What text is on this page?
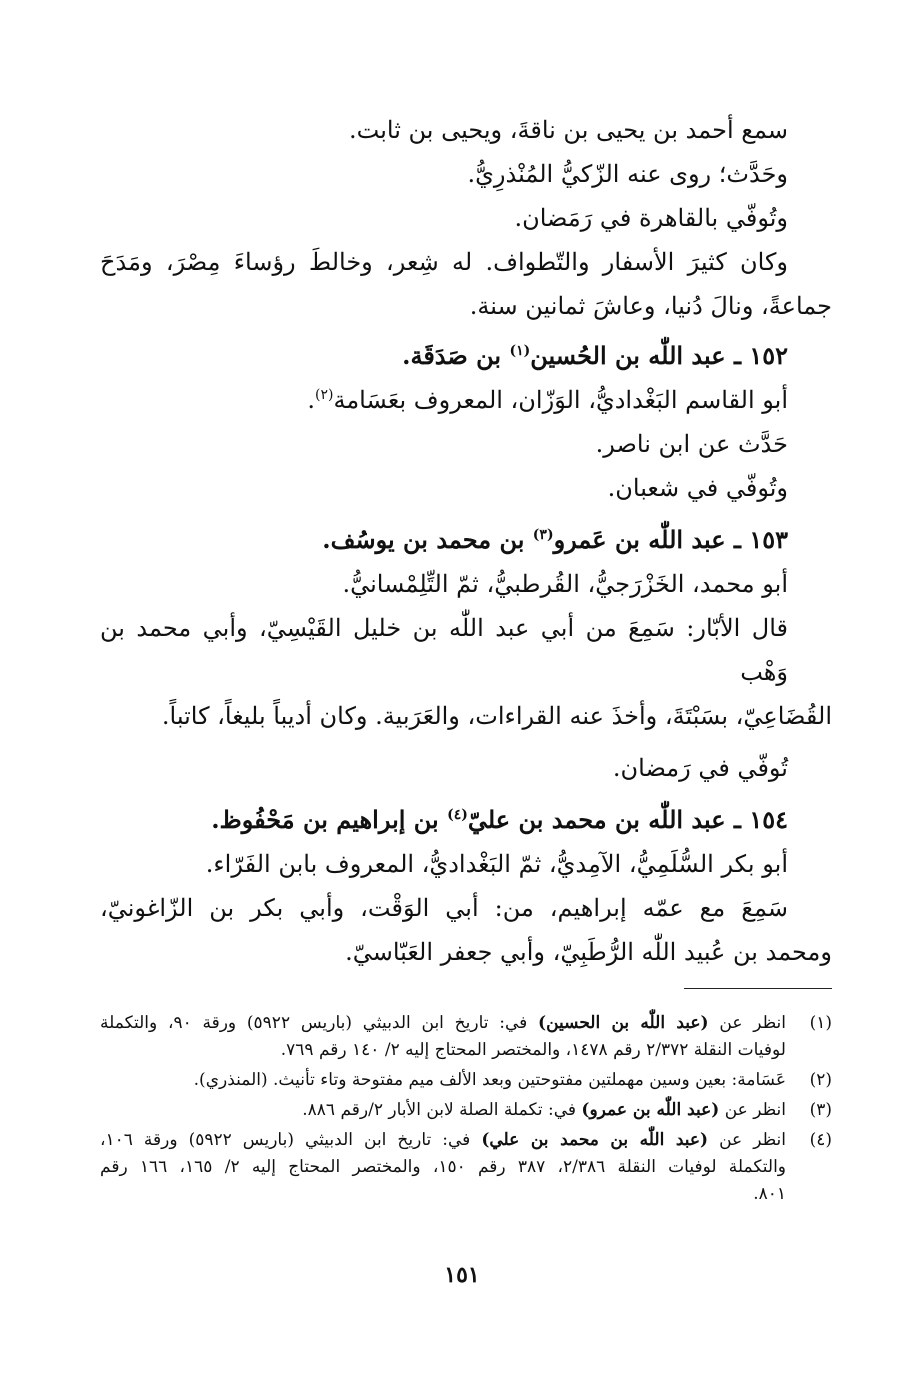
سمع أحمد بن يحيى بن ناقةَ، ويحيى بن ثابت.

وحَدَّث؛ روى عنه الزّكيُّ المُنْذرِيُّ.

وتُوفّي بالقاهرة في رَمَضان.

وكان كثيرَ الأسفار والتّطواف. له شِعر، وخالطَ رؤساءَ مِصْرَ، ومَدَحَ

جماعةً، ونالَ دُنيا، وعاشَ ثمانين سنة.

١٥٢ ـ عبد اللّٰه بن الحُسين$^{(١)}$ بن صَدَقَة.

أبو القاسم البَغْداديُّ، الوَزّان، المعروف بعَسَامة$^{(٢)}$.

حَدَّث عن ابن ناصر.

وتُوفّي في شعبان.

١٥٣ ـ عبد اللّٰه بن عَمرو$^{(٣)}$ بن محمد بن يوسُف.

أبو محمد، الخَزْرَجيُّ، القُرطبيُّ، ثمّ التِّلِمْسانيُّ.

قال الأبّار: سَمِعَ من أبي عبد اللّٰه بن خليل القَيْسِيّ، وأبي محمد بن وَهْب

القُضَاعِيّ، بسَبْتَةَ، وأخذَ عنه القراءات، والعَرَبية. وكان أديباً بليغاً، كاتباً.

تُوفّي في رَمضان.

١٥٤ ـ عبد اللّٰه بن محمد بن عليّ$^{(٤)}$ بن إبراهيم بن مَحْفُوظ.

أبو بكر السُّلَمِيُّ، الآمِديُّ، ثمّ البَغْداديُّ، المعروف بابن الفَرّاء.

سَمِعَ مع عمّه إبراهيم، من: أبي الوَقْت، وأبي بكر بن الزّاغونيّ،

ومحمد بن عُبيد اللّٰه الرُّطَبِيّ، وأبي جعفر العَبّاسيّ.

(١)
انظر عن (عبد اللّٰه بن الحسين) في: تاريخ ابن الدبيثي (باريس ٥٩٢٢) ورقة ٩٠، والتكملة
لوفيات النقلة ٢/٣٧٢ رقم ١٤٧٨، والمختصر المحتاج إليه ٢/ ١٤٠ رقم ٧٦٩.
(٢)
عَسَامة: بعين وسين مهملتين مفتوحتين وبعد الألف ميم مفتوحة وتاء تأنيث. (المنذري).
(٣)
انظر عن (عبد اللّٰه بن عمرو) في: تكملة الصلة لابن الأبار ٢/رقم ٨٨٦.
(٤)
انظر عن (عبد اللّٰه بن محمد بن علي) في: تاريخ ابن الدبيثي (باريس ٥٩٢٢) ورقة ١٠٦،
والتكملة لوفيات النقلة ٢/٣٨٦، ٣٨٧ رقم ١٥٠، والمختصر المحتاج إليه ٢/ ١٦٥، ١٦٦ رقم
٨٠١.
١٥١
